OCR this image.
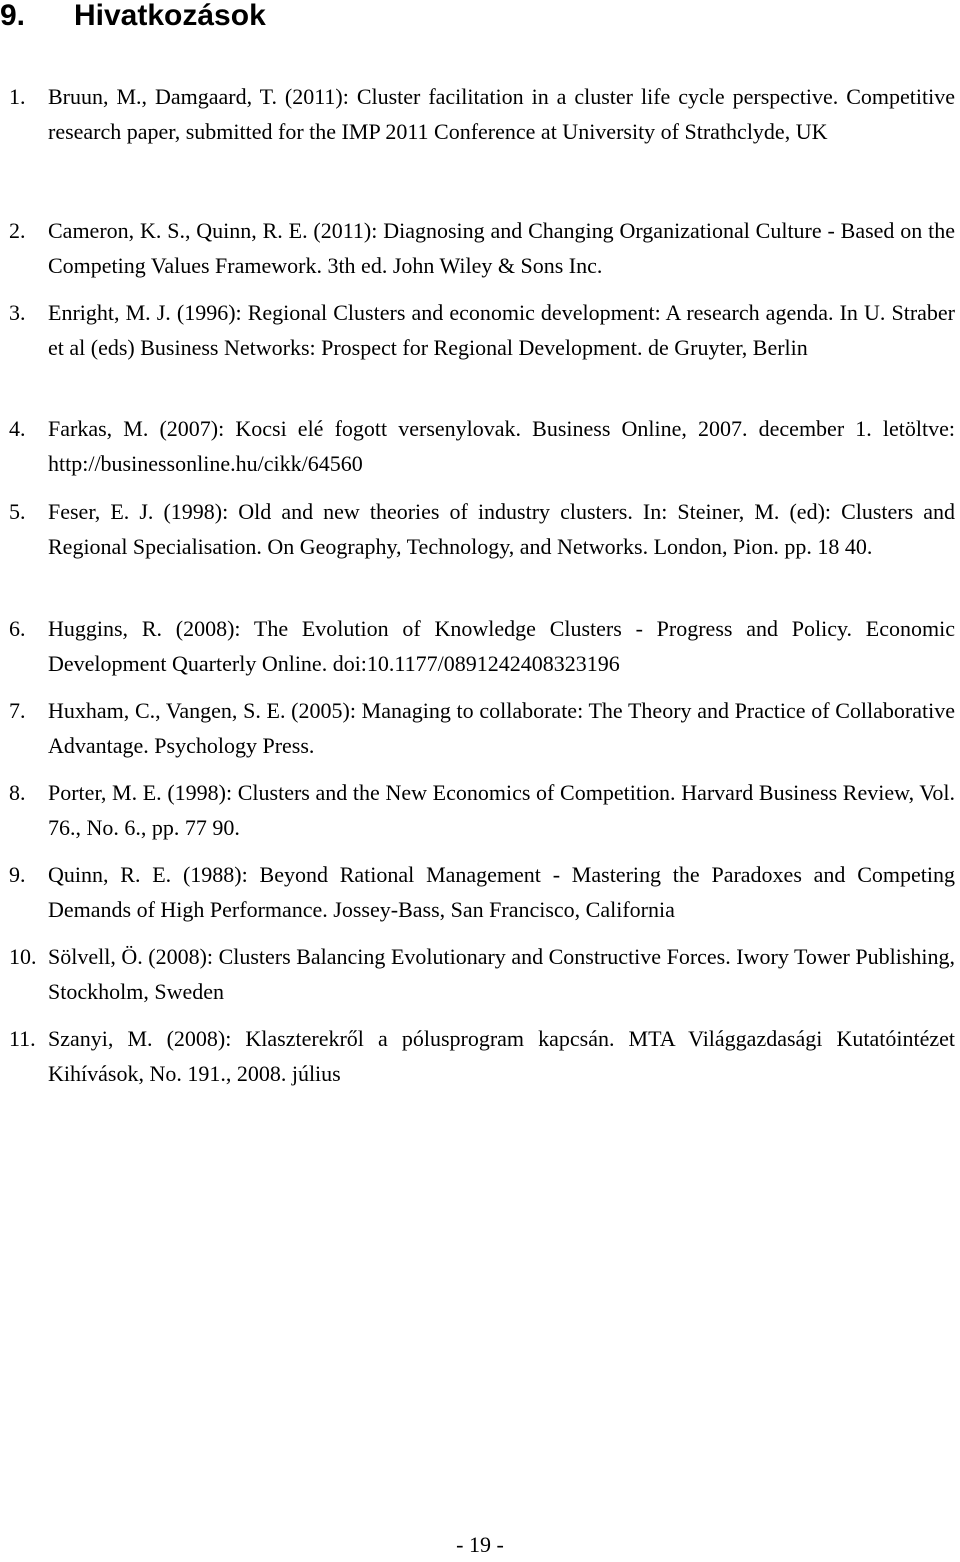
9. Hivatkozások
1. Bruun, M., Damgaard, T. (2011): Cluster facilitation in a cluster life cycle perspective. Competitive research paper, submitted for the IMP 2011 Conference at University of Strathclyde, UK
2. Cameron, K. S., Quinn, R. E. (2011): Diagnosing and Changing Organizational Culture - Based on the Competing Values Framework. 3th ed. John Wiley & Sons Inc.
3. Enright, M. J. (1996): Regional Clusters and economic development: A research agenda. In U. Straber et al (eds) Business Networks: Prospect for Regional Development. de Gruyter, Berlin
4. Farkas, M. (2007): Kocsi elé fogott versenylovak. Business Online, 2007. december 1. letöltve: http://businessonline.hu/cikk/64560
5. Feser, E. J. (1998): Old and new theories of industry clusters. In: Steiner, M. (ed): Clusters and Regional Specialisation. On Geography, Technology, and Networks. London, Pion. pp. 18 40.
6. Huggins, R. (2008): The Evolution of Knowledge Clusters - Progress and Policy. Economic Development Quarterly Online. doi:10.1177/0891242408323196
7. Huxham, C., Vangen, S. E. (2005): Managing to collaborate: The Theory and Practice of Collaborative Advantage. Psychology Press.
8. Porter, M. E. (1998): Clusters and the New Economics of Competition. Harvard Business Review, Vol. 76., No. 6., pp. 77 90.
9. Quinn, R. E. (1988): Beyond Rational Management - Mastering the Paradoxes and Competing Demands of High Performance. Jossey-Bass, San Francisco, California
10. Sölvell, Ö. (2008): Clusters Balancing Evolutionary and Constructive Forces. Iwory Tower Publishing, Stockholm, Sweden
11. Szanyi, M. (2008): Klaszterekről a pólusprogram kapcsán. MTA Világgazdasági Kutatóintézet Kihívások, No. 191., 2008. július
- 19 -
